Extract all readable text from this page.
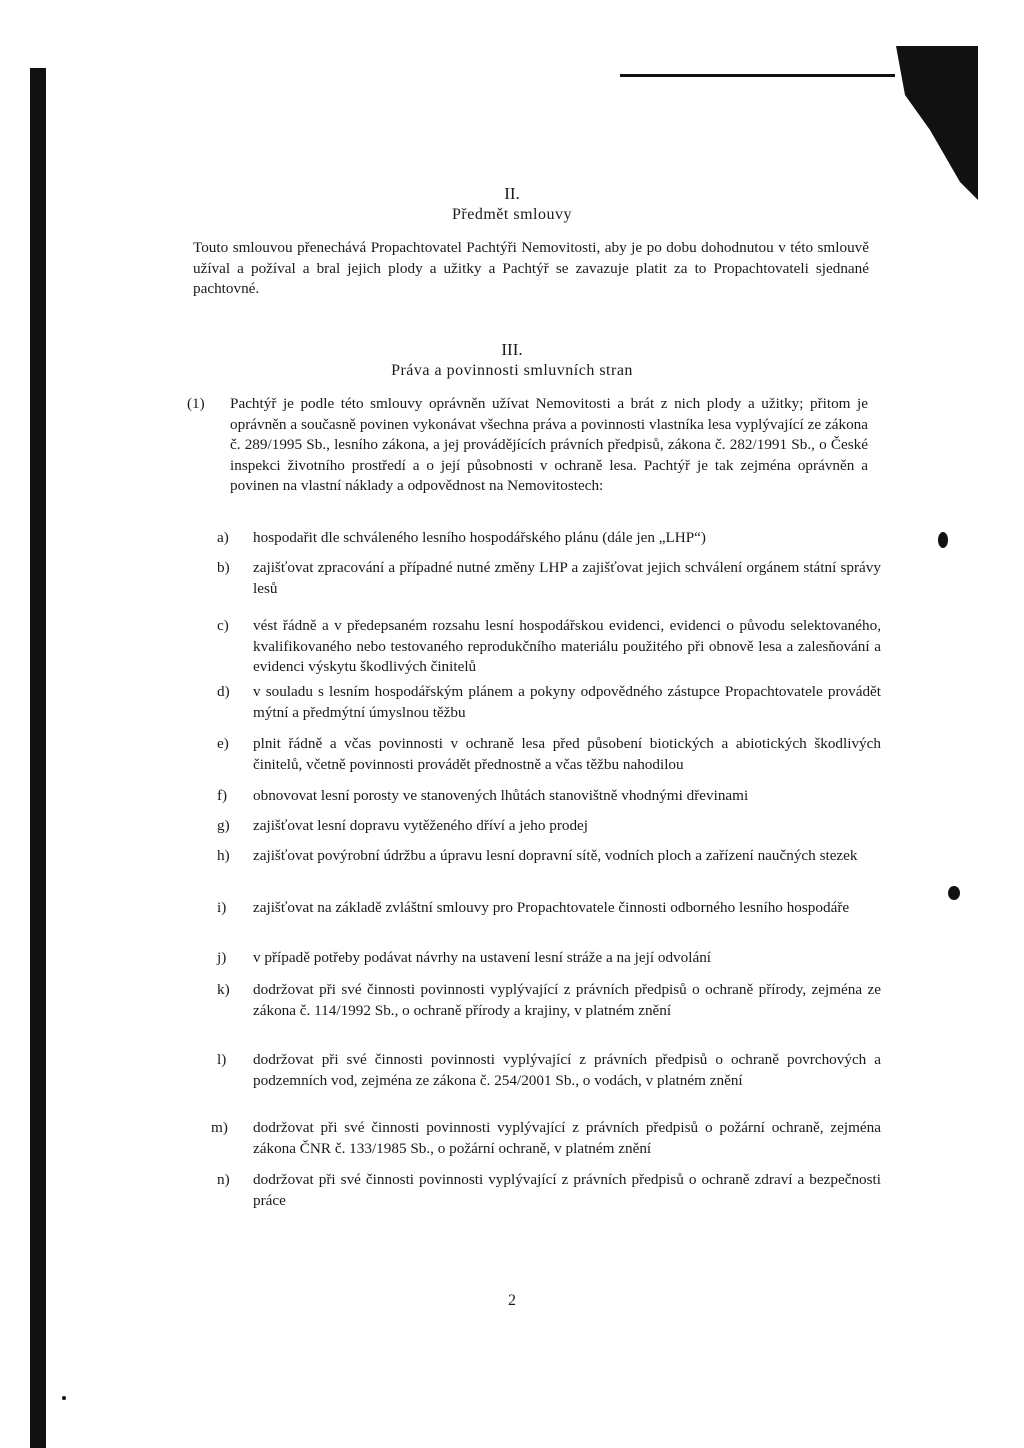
II.
Předmět smlouvy
Touto smlouvou přenechává Propachtovatel Pachtýři Nemovitosti, aby je po dobu dohodnutou v této smlouvě užíval a požíval a bral jejich plody a užitky a Pachtýř se zavazuje platit za to Propachtovateli sjednané pachtovné.
III.
Práva a povinnosti smluvních stran
(1) Pachtýř je podle této smlouvy oprávněn užívat Nemovitosti a brát z nich plody a užitky; přitom je oprávněn a současně povinen vykonávat všechna práva a povinnosti vlastníka lesa vyplývající ze zákona č. 289/1995 Sb., lesního zákona, a jej provádějících právních předpisů, zákona č. 282/1991 Sb., o České inspekci životního prostředí a o její působnosti v ochraně lesa. Pachtýř je tak zejména oprávněn a povinen na vlastní náklady a odpovědnost na Nemovitostech:
a) hospodařit dle schváleného lesního hospodářského plánu (dále jen „LHP“)
b) zajišťovat zpracování a případné nutné změny LHP a zajišťovat jejich schválení orgánem státní správy lesů
c) vést řádně a v předepsaném rozsahu lesní hospodářskou evidenci, evidenci o původu selektovaného, kvalifikovaného nebo testovaného reprodukčního materiálu použitého při obnově lesa a zalesňování a evidenci výskytu škodlivých činitelů
d) v souladu s lesním hospodářským plánem a pokyny odpovědného zástupce Propachtovatele provádět mýtní a předmýtní úmyslnou těžbu
e) plnit řádně a včas povinnosti v ochraně lesa před působení biotických a abiotických škodlivých činitelů, včetně povinnosti provádět přednostně a včas těžbu nahodilou
f) obnovovat lesní porosty ve stanovených lhůtách stanovištně vhodnými dřevinami
g) zajišťovat lesní dopravu vytěženého dříví a jeho prodej
h) zajišťovat povýrobní údržbu a úpravu lesní dopravní sítě, vodních ploch a zařízení naučných stezek
i) zajišťovat na základě zvláštní smlouvy pro Propachtovatele činnosti odborného lesního hospodáře
j) v případě potřeby podávat návrhy na ustavení lesní stráže a na její odvolání
k) dodržovat při své činnosti povinnosti vyplývající z právních předpisů o ochraně přírody, zejména ze zákona č. 114/1992 Sb., o ochraně přírody a krajiny, v platném znění
l) dodržovat při své činnosti povinnosti vyplývající z právních předpisů o ochraně povrchových a podzemních vod, zejména ze zákona č. 254/2001 Sb., o vodách, v platném znění
m) dodržovat při své činnosti povinnosti vyplývající z právních předpisů o požární ochraně, zejména zákona ČNR č. 133/1985 Sb., o požární ochraně, v platném znění
n) dodržovat při své činnosti povinnosti vyplývající z právních předpisů o ochraně zdraví a bezpečnosti práce
2
